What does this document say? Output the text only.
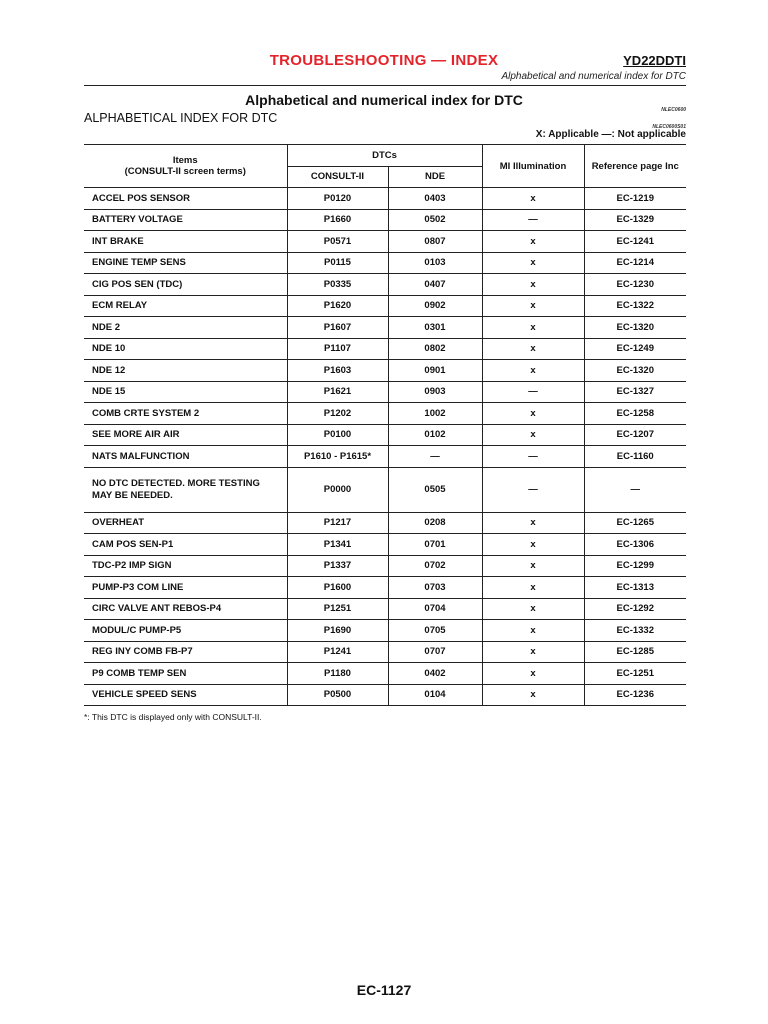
TROUBLESHOOTING — INDEX	YD22DDTI
Alphabetical and numerical index for DTC
Alphabetical and numerical index for DTC
NLEC0600
ALPHABETICAL INDEX FOR DTC
NLEC0600S01
X: Applicable —: Not applicable
Items
(CONSULT-II screen terms)	DTCs		MI Illumination	Reference page Inc
	CONSULT-II	NDE		
ACCEL POS SENSOR	P0120	0403	x	EC-1219
BATTERY VOLTAGE	P1660	0502	—	EC-1329
INT BRAKE	P0571	0807	x	EC-1241
ENGINE TEMP SENS	P0115	0103	x	EC-1214
CIG POS SEN (TDC)	P0335	0407	x	EC-1230
ECM RELAY	P1620	0902	x	EC-1322
NDE 2	P1607	0301	x	EC-1320
NDE 10	P1107	0802	x	EC-1249
NDE 12	P1603	0901	x	EC-1320
NDE 15	P1621	0903	—	EC-1327
COMB CRTE SYSTEM 2	P1202	1002	x	EC-1258
SEE MORE AIR AIR	P0100	0102	x	EC-1207
NATS MALFUNCTION	P1610 - P1615*	—	—	EC-1160

NO DTC DETECTED. MORE TESTING
MAY BE NEEDED.	P0000	0505	—	—
OVERHEAT	P1217	0208	x	EC-1265
CAM POS SEN-P1	P1341	0701	x	EC-1306
TDC-P2 IMP SIGN	P1337	0702	x	EC-1299
PUMP-P3 COM LINE	P1600	0703	x	EC-1313
CIRC VALVE ANT REBOS-P4	P1251	0704	x	EC-1292
MODUL/C PUMP-P5	P1690	0705	x	EC-1332
REG INY COMB FB-P7	P1241	0707	x	EC-1285
P9 COMB TEMP SEN	P1180	0402	x	EC-1251
VEHICLE SPEED SENS	P0500	0104	x	EC-1236
*: This DTC is displayed only with CONSULT-II.
EC-1127
